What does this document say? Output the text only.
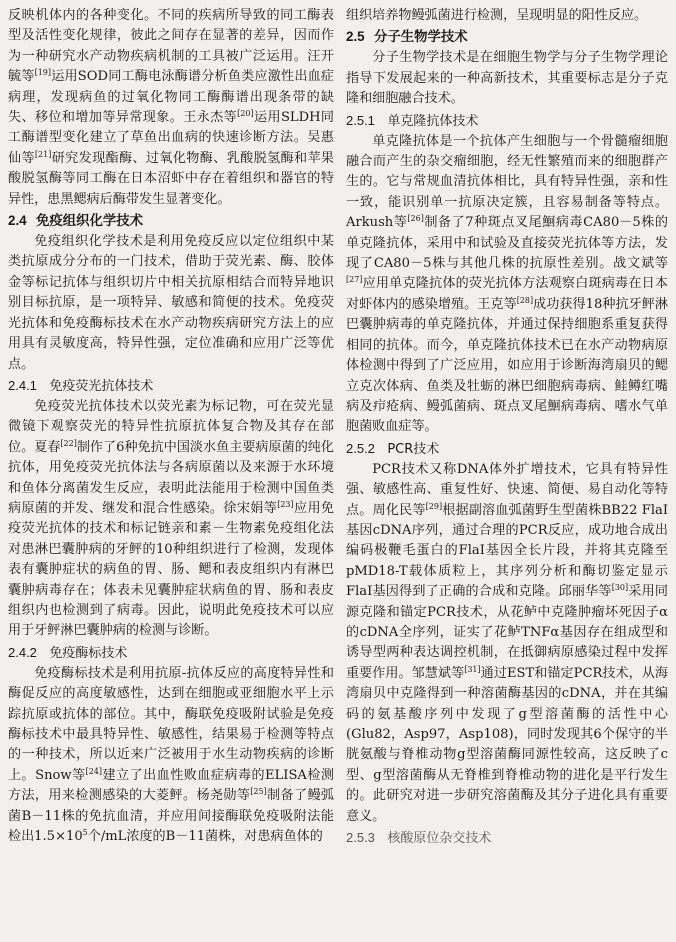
反映机体内的各种变化。不同的疾病所导致的同工酶表型及活性变化规律，彼此之间存在显著的差异，因而作为一种研究水产动物疾病机制的工具被广泛运用。汪开毓等[19]运用SOD同工酶电泳酶谱分析鱼类应激性出血症病理，发现病鱼的过氧化物同工酶酶谱出现条带的缺失、移位和增加等异常现象。王永杰等[20]运用SLDH同工酶谱型变化建立了草鱼出血病的快速诊断方法。吴惠仙等[21]研究发现酯酶、过氧化物酶、乳酸脱氢酶和苹果酸脱氢酶等同工酶在日本沼虾中存在着组织和器官的特异性，患黑鳃病后酶带发生显著变化。

2.4 免疫组织化学技术

免疫组织化学技术是利用免疫反应以定位组织中某类抗原成分分布的一门技术，借助于荧光素、酶、胶体金等标记抗体与组织切片中相关抗原相结合而特异地识别目标抗原，是一项特异、敏感和简便的技术。免疫荧光抗体和免疫酶标技术在水产动物疾病研究方法上的应用具有灵敏度高，特异性强，定位准确和应用广泛等优点。

2.4.1 免疫荧光抗体技术

免疫荧光抗体技术以荧光素为标记物，可在荧光显微镜下观察荧光的特异性抗原抗体复合物及其存在部位。夏春[22]制作了6种免抗中国淡水鱼主要病原菌的纯化抗体，用免疫荧光抗体法与各病原菌以及来源于水环境和鱼体分离菌发生反应，表明此法能用于检测中国鱼类病原菌的并发、继发和混合性感染。徐宋娟等[23]应用免疫荧光抗体的技术和标记链亲和素－生物素免疫组化法对患淋巴囊肿病的牙鲆的10种组织进行了检测，发现体表有囊肿症状的病鱼的胃、肠、鳃和表皮组织内有淋巴囊肿病毒存在；体表未见囊肿症状病鱼的胃、肠和表皮组织内也检测到了病毒。因此，说明此免疫技术可以应用于牙鲆淋巴囊肿病的检测与诊断。

2.4.2 免疫酶标技术

免疫酶标技术是利用抗原-抗体反应的高度特异性和酶促反应的高度敏感性，达到在细胞或亚细胞水平上示踪抗原或抗体的部位。其中，酶联免疫吸附试验是免疫酶标技术中最具特异性、敏感性，结果易于检测等特点的一种技术，所以近来广泛被用于水生动物疾病的诊断上。Snow等[24]建立了出血性败血症病毒的ELISA检测方法，用来检测感染的大菱鲆。杨尧勋等[25]制备了鳗弧菌B－11株的免抗血清，并应用间接酶联免疫吸附法能检出$1.5\times 10^5$个/mL浓度的B－11菌株，对患病鱼体的

组织培养物鳗弧菌进行检测，呈现明显的阳性反应。

2.5 分子生物学技术

分子生物学技术是在细胞生物学与分子生物学理论指导下发展起来的一种高新技术，其重要标志是分子克隆和细胞融合技术。

2.5.1 单克隆抗体技术

单克隆抗体是一个抗体产生细胞与一个骨髓瘤细胞融合而产生的杂交瘤细胞，经无性繁殖而来的细胞群产生的。它与常规血清抗体相比，具有特异性强，亲和性一致，能识别单一抗原决定簇，且容易制备等特点。Arkush等[26]制备了7种斑点叉尾鮰病毒CA80－5株的单克隆抗体，采用中和试验及直接荧光抗体等方法，发现了CA80－5株与其他几株的抗原性差别。战文斌等[27]应用单克隆抗体的荧光抗体方法观察白斑病毒在日本对虾体内的感染增殖。王克等[28]成功获得18种抗牙鲆淋巴囊肿病毒的单克隆抗体，并通过保持细胞系重复获得相同的抗体。而今，单克隆抗体技术已在水产动物病原体检测中得到了广泛应用，如应用于诊断海湾扇贝的鳃立克次体病、鱼类及牡蛎的淋巴细胞病毒病、鲑鳟红嘴病及疖疮病、鳗弧菌病、斑点叉尾鮰病毒病、嗜水气单胞菌败血症等。

2.5.2 PCR技术

PCR技术又称DNA体外扩增技术，它具有特异性强、敏感性高、重复性好、快速、简便、易自动化等特点。周化民等[29]根据副溶血弧菌野生型菌株BB22 FlaI基因cDNA序列，通过合理的PCR反应，成功地合成出编码极鞭毛蛋白的FlaI基因全长片段，并将其克隆至pMD18-T载体质粒上，其序列分析和酶切鉴定显示FlaI基因得到了正确的合成和克隆。邱丽华等[30]采用同源克隆和锚定PCR技术，从花鲈中克隆肿瘤坏死因子α的cDNA全序列，证实了花鲈TNFα基因存在组成型和诱导型两种表达调控机制，在抵御病原感染过程中发挥重要作用。邹慧斌等[31]通过EST和锚定PCR技术，从海湾扇贝中克隆得到一种溶菌酶基因的cDNA，并在其编码的氨基酸序列中发现了g型溶菌酶的活性中心(Glu82，Asp97，Asp108)，同时发现其6个保守的半胱氨酸与脊椎动物g型溶菌酶同源性较高，这反映了c型、g型溶菌酶从无脊椎到脊椎动物的进化是平行发生的。此研究对进一步研究溶菌酶及其分子进化具有重要意义。

2.5.3 核酸原位杂交技术
